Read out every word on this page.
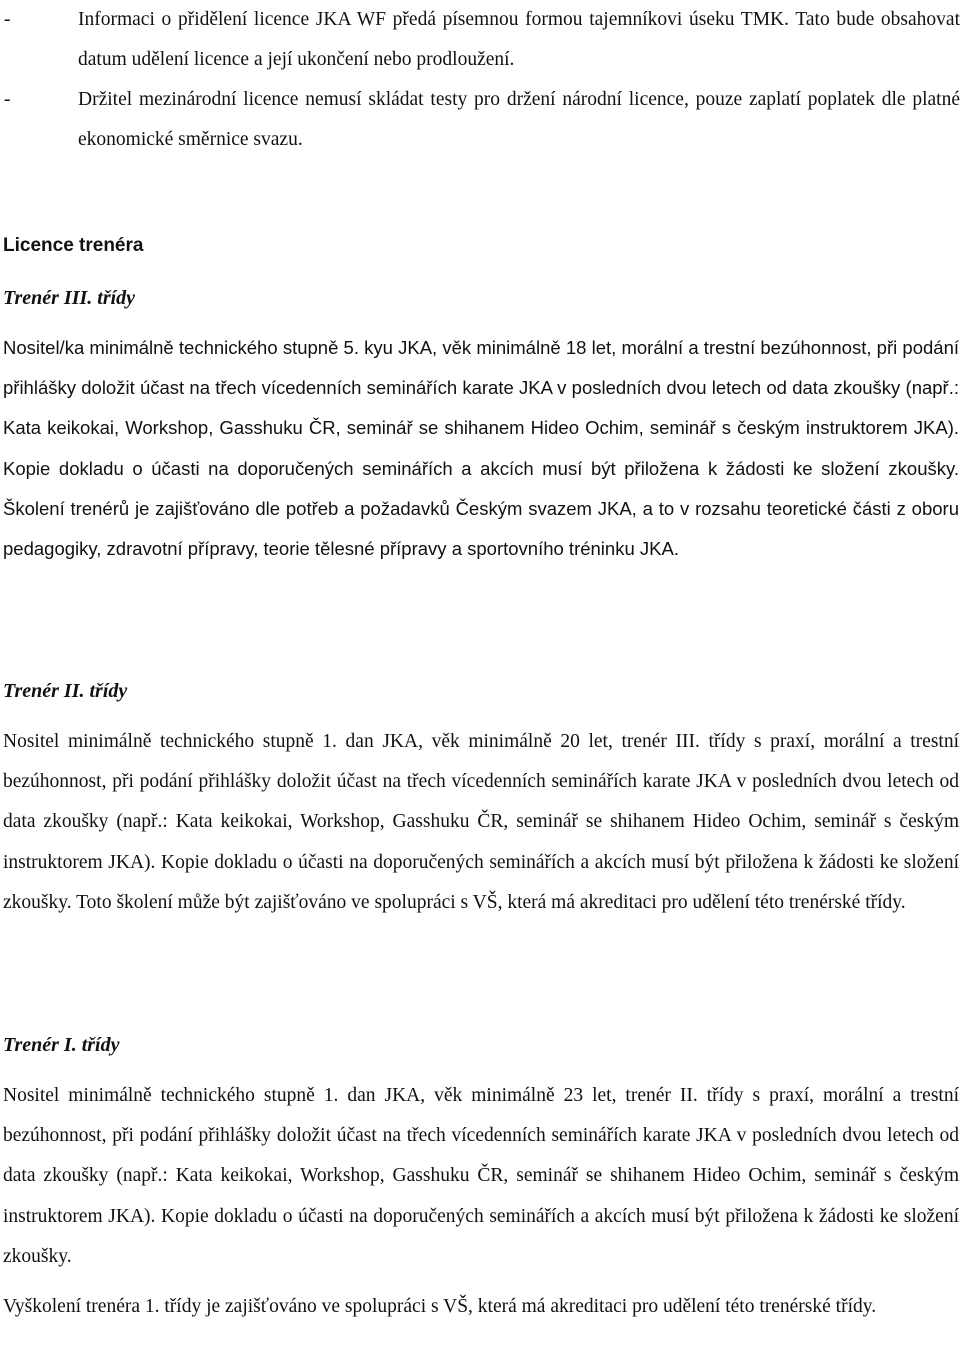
-	Informaci o přidělení licence JKA WF předá písemnou formou tajemníkovi úseku TMK. Tato bude obsahovat datum udělení licence a její ukončení nebo prodloužení.
-	Držitel mezinárodní licence nemusí skládat testy pro držení národní licence, pouze zaplatí poplatek dle platné ekonomické směrnice svazu.
Licence trenéra
Trenér III. třídy

Nositel/ka minimálně technického stupně 5. kyu JKA, věk minimálně 18 let, morální a trestní bezúhonnost, při podání přihlášky doložit účast na třech vícedenních seminářích karate JKA v posledních dvou letech od data zkoušky (např.: Kata keikokai, Workshop, Gasshuku ČR, seminář se shihanem Hideo Ochim, seminář s českým instruktorem JKA). Kopie dokladu o účasti na doporučených seminářích a akcích musí být přiložena k žádosti ke složení zkoušky. Školení trenérů je zajišťováno dle potřeb a požadavků Českým svazem JKA, a to v rozsahu teoretické části z oboru pedagogiky, zdravotní přípravy, teorie tělesné přípravy a sportovního tréninku JKA.

Trenér II. třídy

Nositel minimálně technického stupně 1. dan JKA, věk minimálně 20 let, trenér III. třídy s praxí, morální a trestní bezúhonnost, při podání přihlášky doložit účast na třech vícedenních seminářích karate JKA v posledních dvou letech od data zkoušky (např.: Kata keikokai, Workshop, Gasshuku ČR, seminář se shihanem Hideo Ochim, seminář s českým instruktorem JKA). Kopie dokladu o účasti na doporučených seminářích a akcích musí být přiložena k žádosti ke složení zkoušky. Toto školení může být zajišťováno ve spolupráci s VŠ, která má akreditaci pro udělení této trenérské třídy.

Trenér I. třídy

Nositel minimálně technického stupně 1. dan JKA, věk minimálně 23 let, trenér II. třídy s praxí, morální a trestní bezúhonnost, při podání přihlášky doložit účast na třech vícedenních seminářích karate JKA v posledních dvou letech od data zkoušky (např.: Kata keikokai, Workshop, Gasshuku ČR, seminář se shihanem Hideo Ochim, seminář s českým instruktorem JKA). Kopie dokladu o účasti na doporučených seminářích a akcích musí být přiložena k žádosti ke složení zkoušky.

Vyškolení trenéra 1. třídy je zajišťováno ve spolupráci s VŠ, která má akreditaci pro udělení této trenérské třídy.
